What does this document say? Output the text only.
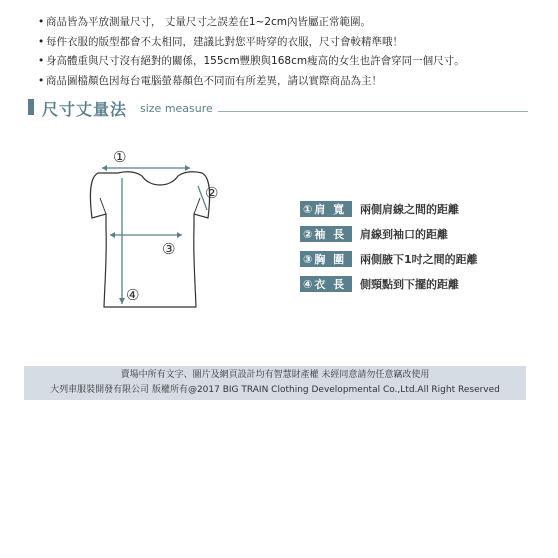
• 商品皆為平放測量尺寸， 丈量尺寸之誤差在1~2cm內皆屬正常範圍。
• 每件衣服的版型都會不太相同，建議比對您平時穿的衣服，尺寸會較精準哦！
• 身高體重與尺寸沒有絕對的關係，155cm豐腴與168cm瘦高的女生也許會穿同一個尺寸。
• 商品圖檔顏色因每台電腦螢幕顏色不同而有所差異，請以實際商品為主！
尺寸丈量法 size measure
①
②
③
④
①肩 寬	兩側肩線之間的距離
②袖 長	肩線到袖口的距離
③胸 圍	兩側腋下1吋之間的距離
④衣 長	側頸點到下擺的距離
賣場中所有文字、圖片及網頁設計均有智慧財產權 未經同意請勿任意竊改使用
大列車服裝開發有限公司 版權所有@2017 BIG TRAIN Clothing Developmental Co.,Ltd.All Right Reserved
